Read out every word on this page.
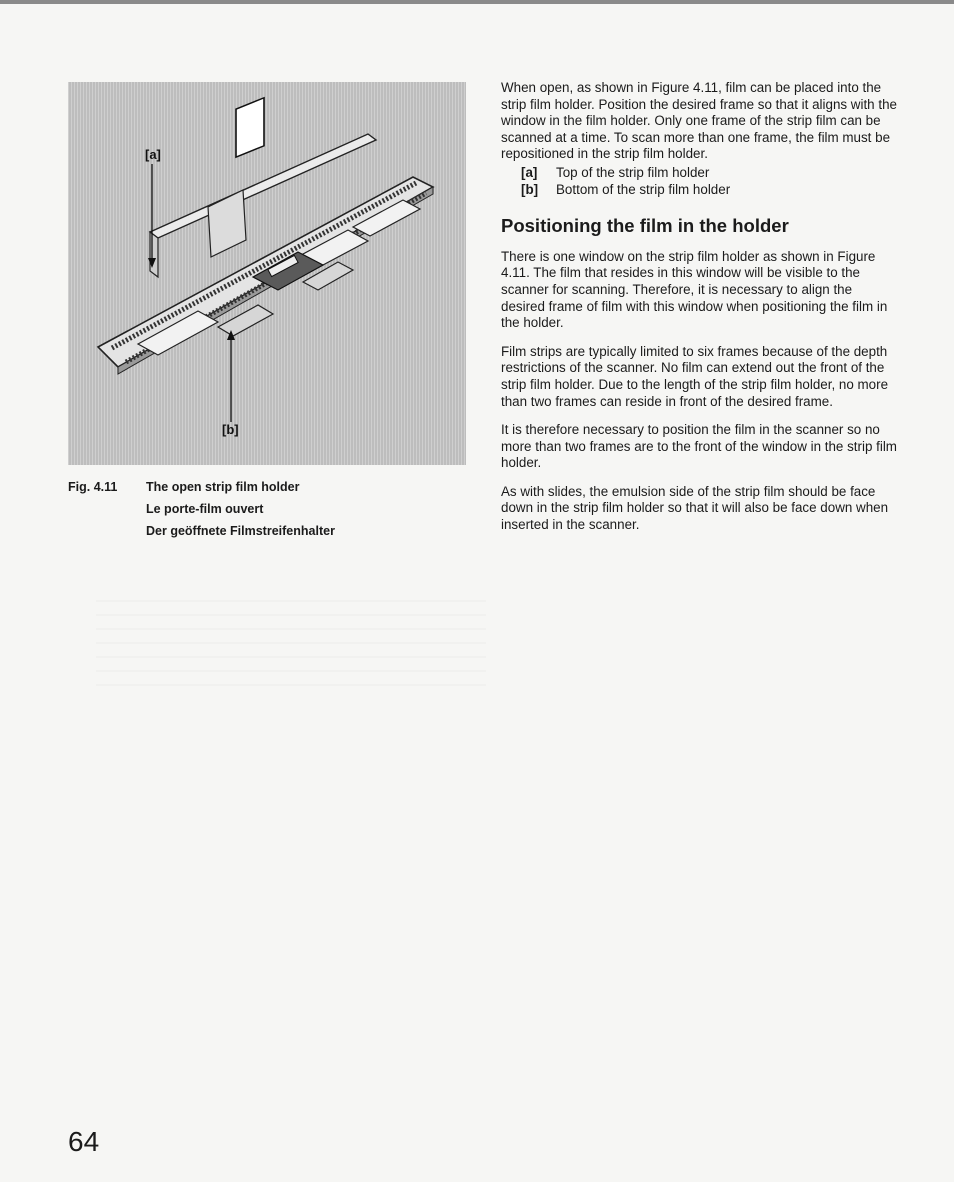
[a]
[b]
Fig. 4.11	The open strip film holder
Le porte-film ouvert
Der geöffnete Filmstreifenhalter

When open, as shown in Figure 4.11, film can be placed into the strip film holder. Position the desired frame so that it aligns with the window in the film holder. Only one frame of the strip film can be scanned at a time. To scan more than one frame, the film must be repositioned in the strip film holder.

[a] Top of the strip film holder
[b] Bottom of the strip film holder
Positioning the film in the holder

There is one window on the strip film holder as shown in Figure 4.11. The film that resides in this window will be visible to the scanner for scanning. Therefore, it is necessary to align the desired frame of film with this window when positioning the film in the holder.

Film strips are typically limited to six frames because of the depth restrictions of the scanner. No film can extend out the front of the strip film holder. Due to the length of the strip film holder, no more than two frames can reside in front of the desired frame.

It is therefore necessary to position the film in the scanner so no more than two frames are to the front of the window in the strip film holder.

As with slides, the emulsion side of the strip film should be face down in the strip film holder so that it will also be face down when inserted in the scanner.

64
